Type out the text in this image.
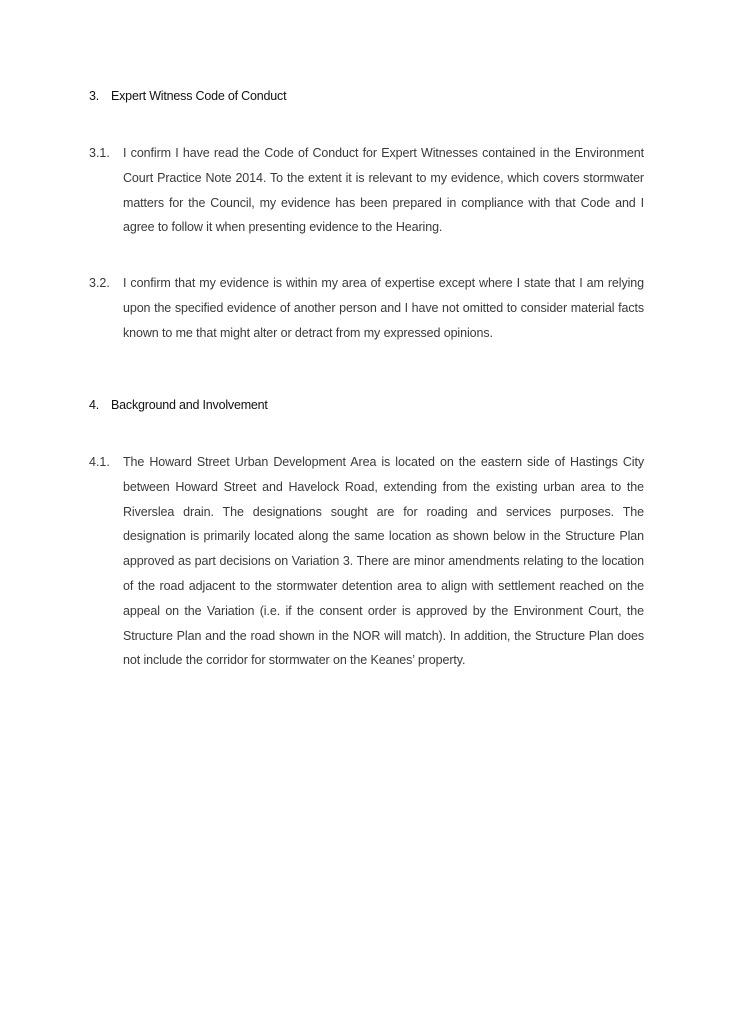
3. Expert Witness Code of Conduct
3.1. I confirm I have read the Code of Conduct for Expert Witnesses contained in the Environment Court Practice Note 2014. To the extent it is relevant to my evidence, which covers stormwater matters for the Council, my evidence has been prepared in compliance with that Code and I agree to follow it when presenting evidence to the Hearing.
3.2. I confirm that my evidence is within my area of expertise except where I state that I am relying upon the specified evidence of another person and I have not omitted to consider material facts known to me that might alter or detract from my expressed opinions.
4. Background and Involvement
4.1. The Howard Street Urban Development Area is located on the eastern side of Hastings City between Howard Street and Havelock Road, extending from the existing urban area to the Riverslea drain. The designations sought are for roading and services purposes. The designation is primarily located along the same location as shown below in the Structure Plan approved as part decisions on Variation 3. There are minor amendments relating to the location of the road adjacent to the stormwater detention area to align with settlement reached on the appeal on the Variation (i.e. if the consent order is approved by the Environment Court, the Structure Plan and the road shown in the NOR will match). In addition, the Structure Plan does not include the corridor for stormwater on the Keanes’ property.
